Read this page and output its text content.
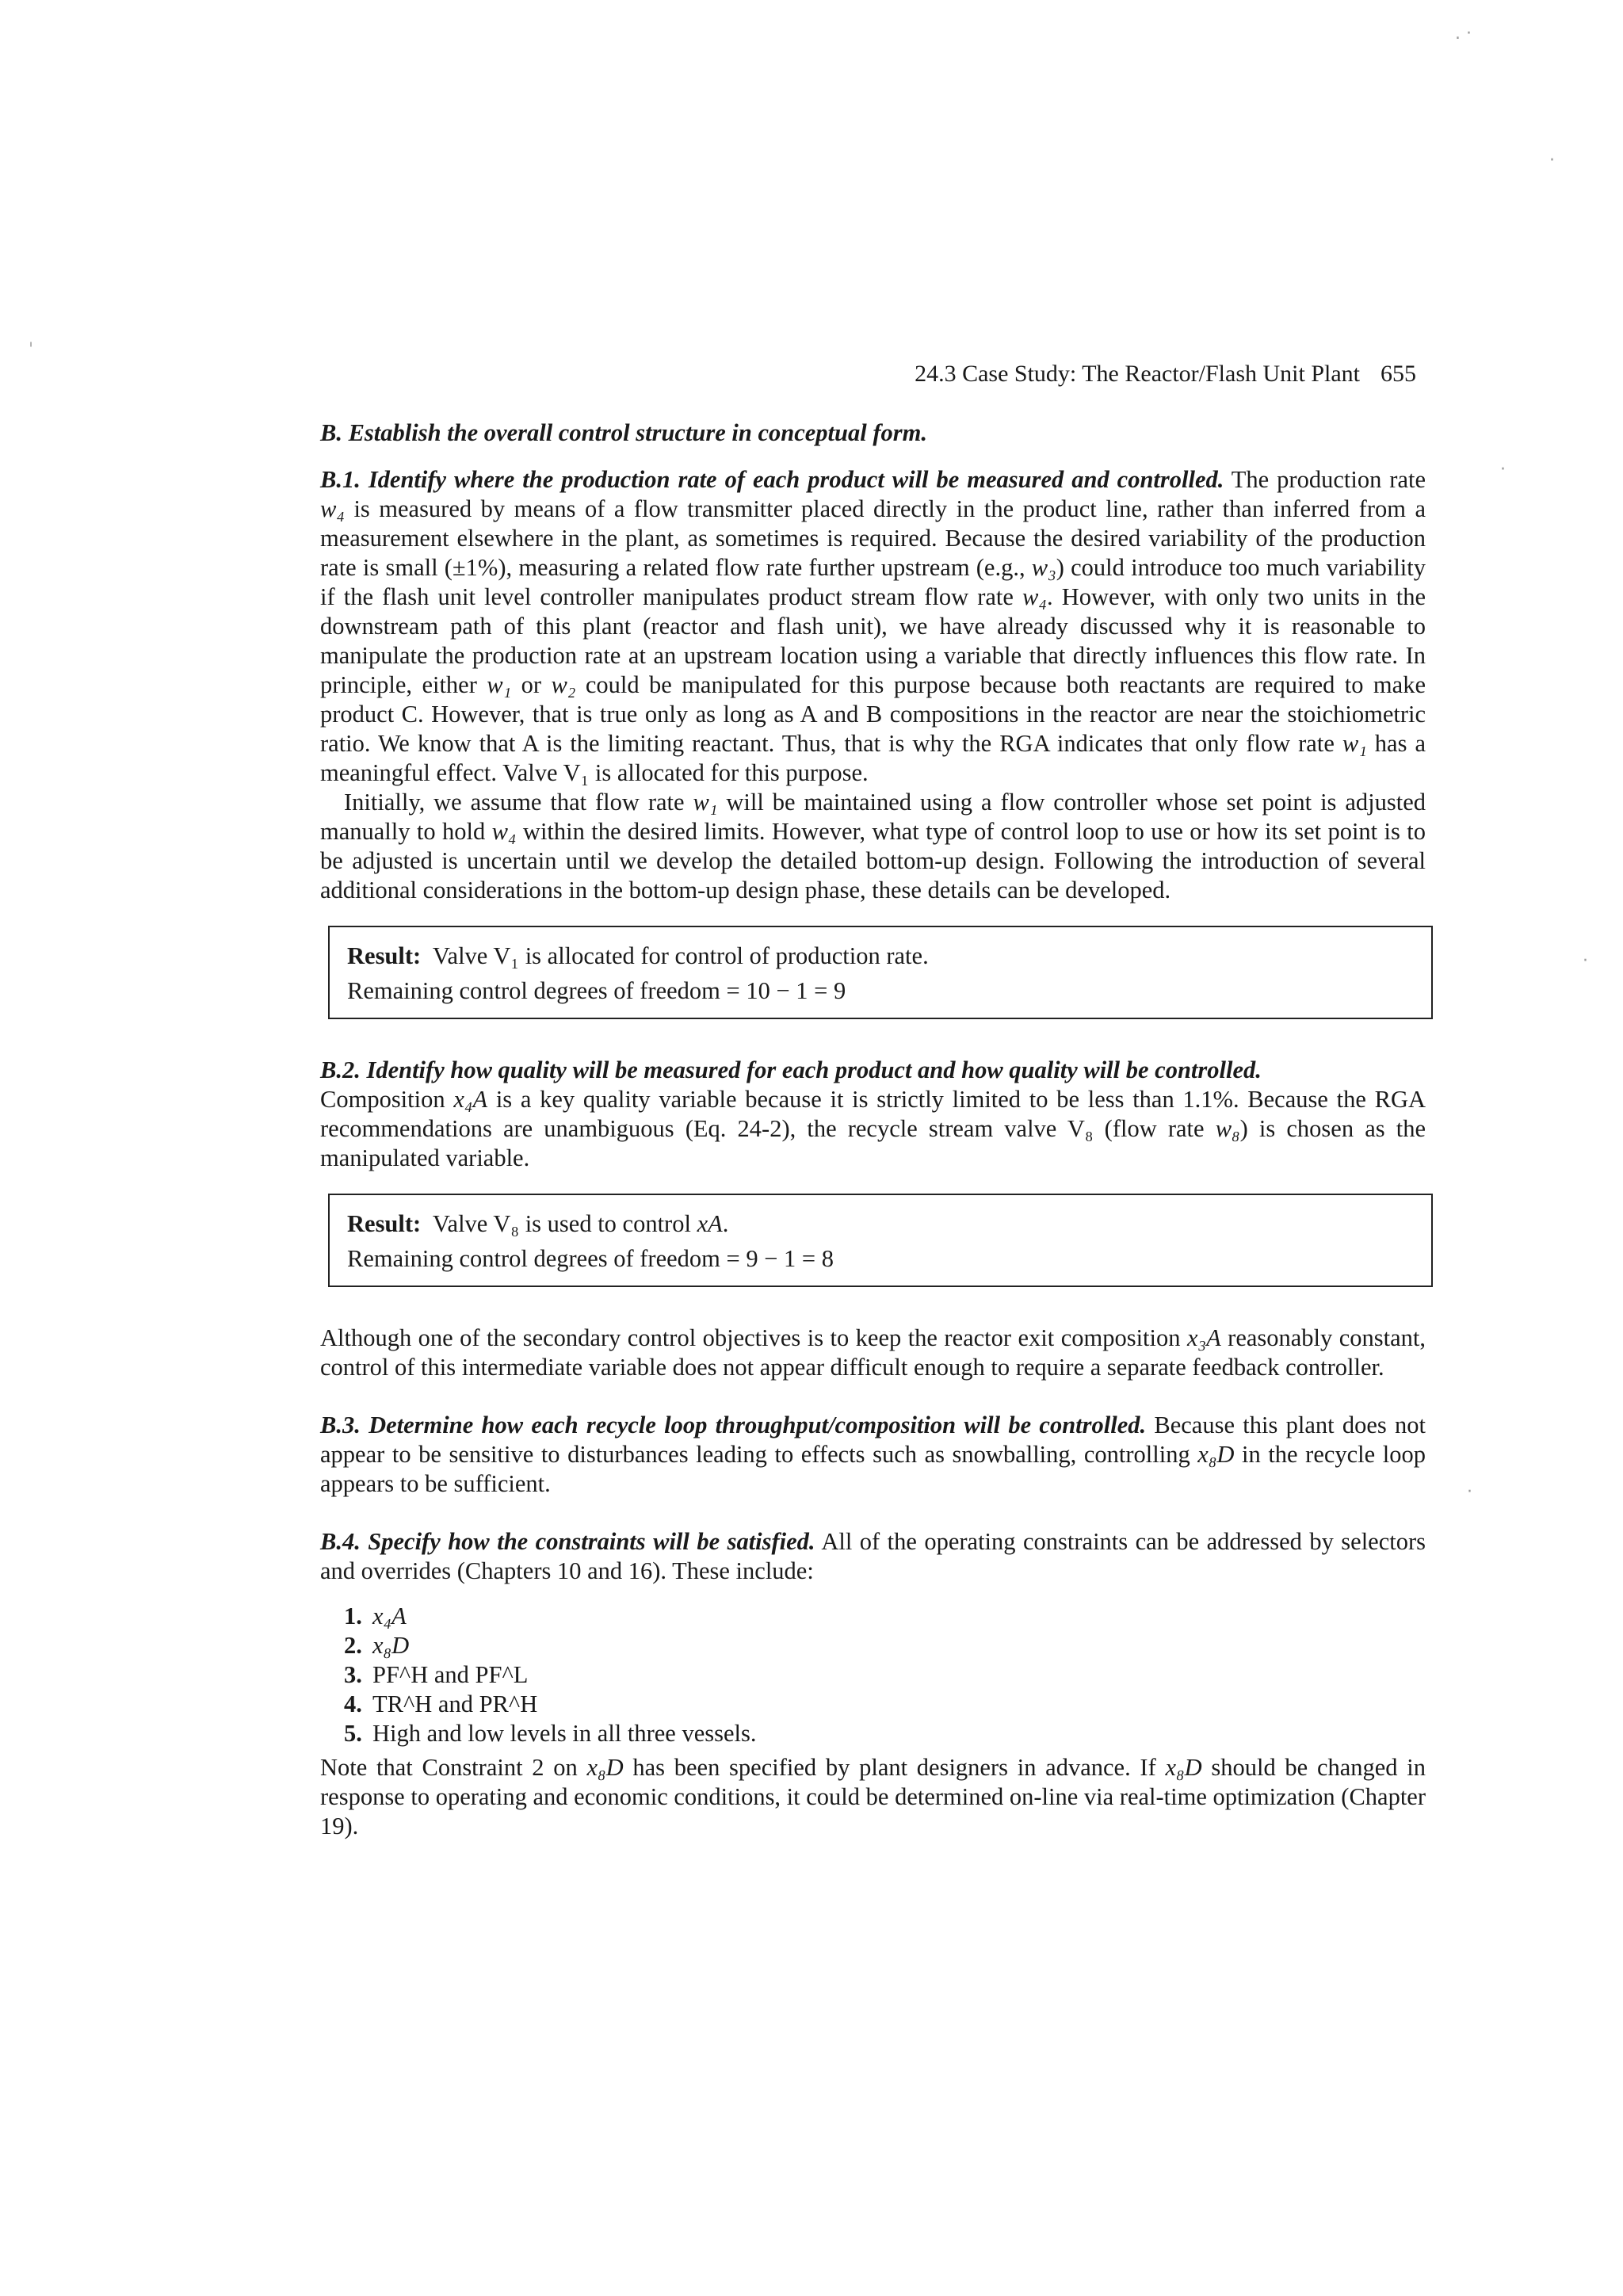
24.3 Case Study: The Reactor/Flash Unit Plant 655

B. Establish the overall control structure in conceptual form.

B.1. Identify where the production rate of each product will be measured and controlled. The production rate w₄ is measured by means of a flow transmitter placed directly in the product line, rather than inferred from a measurement elsewhere in the plant, as sometimes is required. Because the desired variability of the production rate is small (±1%), measuring a related flow rate further upstream (e.g., w₃) could introduce too much variability if the flash unit level controller manipulates product stream flow rate w₄. However, with only two units in the downstream path of this plant (reactor and flash unit), we have already discussed why it is reasonable to manipulate the production rate at an upstream location using a variable that directly influences this flow rate. In principle, either w₁ or w₂ could be manipulated for this purpose because both reactants are required to make product C. However, that is true only as long as A and B compositions in the reactor are near the stoichiometric ratio. We know that A is the limiting reactant. Thus, that is why the RGA indicates that only flow rate w₁ has a meaningful effect. Valve V₁ is allocated for this purpose.

Initially, we assume that flow rate w₁ will be maintained using a flow controller whose set point is adjusted manually to hold w₄ within the desired limits. However, what type of control loop to use or how its set point is to be adjusted is uncertain until we develop the detailed bottom-up design. Following the introduction of several additional considerations in the bottom-up design phase, these details can be developed.

Result: Valve V₁ is allocated for control of production rate.
Remaining control degrees of freedom = 10 − 1 = 9

B.2. Identify how quality will be measured for each product and how quality will be controlled.
Composition x₄A is a key quality variable because it is strictly limited to be less than 1.1%. Because the RGA recommendations are unambiguous (Eq. 24-2), the recycle stream valve V₈ (flow rate w₈) is chosen as the manipulated variable.

Result: Valve V₈ is used to control xA.
Remaining control degrees of freedom = 9 − 1 = 8

Although one of the secondary control objectives is to keep the reactor exit composition x₃A reasonably constant, control of this intermediate variable does not appear difficult enough to require a separate feedback controller.

B.3. Determine how each recycle loop throughput/composition will be controlled. Because this plant does not appear to be sensitive to disturbances leading to effects such as snowballing, controlling x₈D in the recycle loop appears to be sufficient.

B.4. Specify how the constraints will be satisfied. All of the operating constraints can be addressed by selectors and overrides (Chapters 10 and 16). These include:

1. x₄A
2. x₈D
3. PF^H and PF^L
4. TR^H and PR^H
5. High and low levels in all three vessels.

Note that Constraint 2 on x₈D has been specified by plant designers in advance. If x₈D should be changed in response to operating and economic conditions, it could be determined on-line via real-time optimization (Chapter 19).

. ·
·
ˌ
·
·
·
